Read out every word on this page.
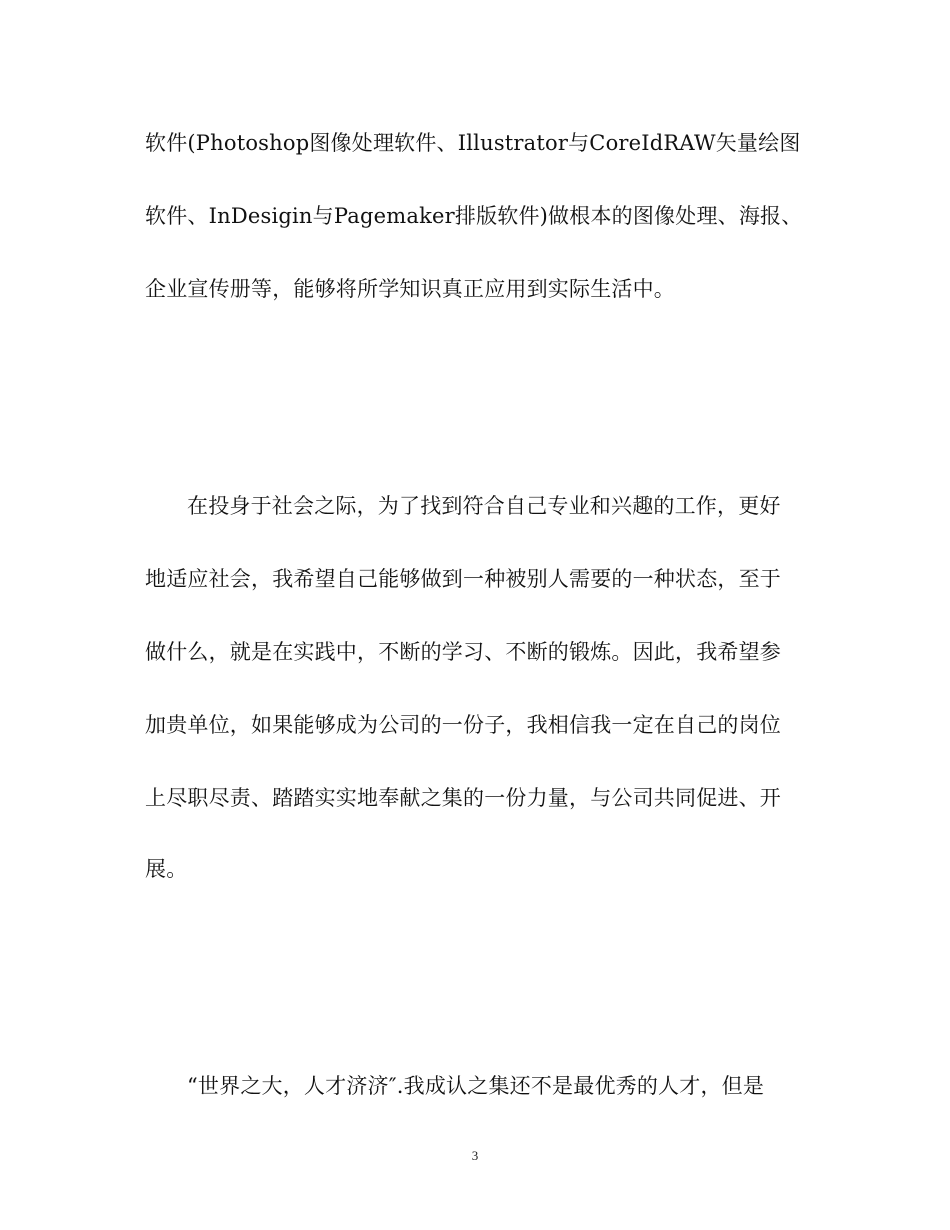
软件(Photoshop图像处理软件、Illustrator与CoreIdRAW矢量绘图
软件、InDesigin与Pagemaker排版软件)做根本的图像处理、海报、
企业宣传册等，能够将所学知识真正应用到实际生活中。
在投身于社会之际，为了找到符合自己专业和兴趣的工作，更好
地适应社会，我希望自己能够做到一种被别人需要的一种状态，至于
做什么，就是在实践中，不断的学习、不断的锻炼。因此，我希望参
加贵单位，如果能够成为公司的一份子，我相信我一定在自己的岗位
上尽职尽责、踏踏实实地奉献之集的一份力量，与公司共同促进、开
展。
“世界之大，人才济济″.我成认之集还不是最优秀的人才，但是
3
